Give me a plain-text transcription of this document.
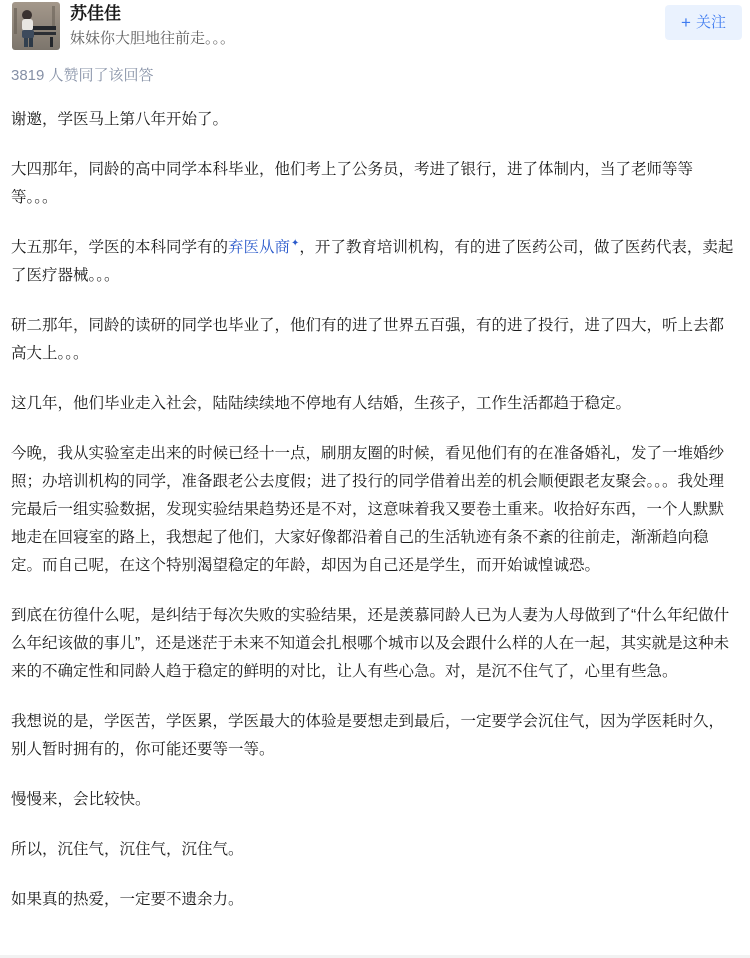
苏佳佳
妹妹你大胆地往前走。。。
+ 关注
3819 人赞同了该回答

谢邀，学医马上第八年开始了。

大四那年，同龄的高中同学本科毕业，他们考上了公务员，考进了银行，进了体制内，当了老师等等等。。。

大五那年，学医的本科同学有的弃医从商✦，开了教育培训机构，有的进了医药公司，做了医药代表，卖起了医疗器械。。。

研二那年，同龄的读研的同学也毕业了，他们有的进了世界五百强，有的进了投行，进了四大，听上去都高大上。。。

这几年，他们毕业走入社会，陆陆续续地不停地有人结婚，生孩子，工作生活都趋于稳定。

今晚，我从实验室走出来的时候已经十一点，刷朋友圈的时候，看见他们有的在准备婚礼，发了一堆婚纱照；办培训机构的同学，准备跟老公去度假；进了投行的同学借着出差的机会顺便跟老友聚会。。。我处理完最后一组实验数据，发现实验结果趋势还是不对，这意味着我又要卷土重来。收拾好东西，一个人默默地走在回寝室的路上，我想起了他们，大家好像都沿着自己的生活轨迹有条不紊的往前走，渐渐趋向稳定。而自己呢，在这个特别渴望稳定的年龄，却因为自己还是学生，而开始诚惶诚恐。

到底在彷徨什么呢，是纠结于每次失败的实验结果，还是羡慕同龄人已为人妻为人母做到了“什么年纪做什么年纪该做的事儿”，还是迷茫于未来不知道会扎根哪个城市以及会跟什么样的人在一起，其实就是这种未来的不确定性和同龄人趋于稳定的鲜明的对比，让人有些心急。对，是沉不住气了，心里有些急。

我想说的是，学医苦，学医累，学医最大的体验是要想走到最后，一定要学会沉住气，因为学医耗时久，别人暂时拥有的，你可能还要等一等。

慢慢来，会比较快。

所以，沉住气，沉住气，沉住气。

如果真的热爱，一定要不遗余力。
